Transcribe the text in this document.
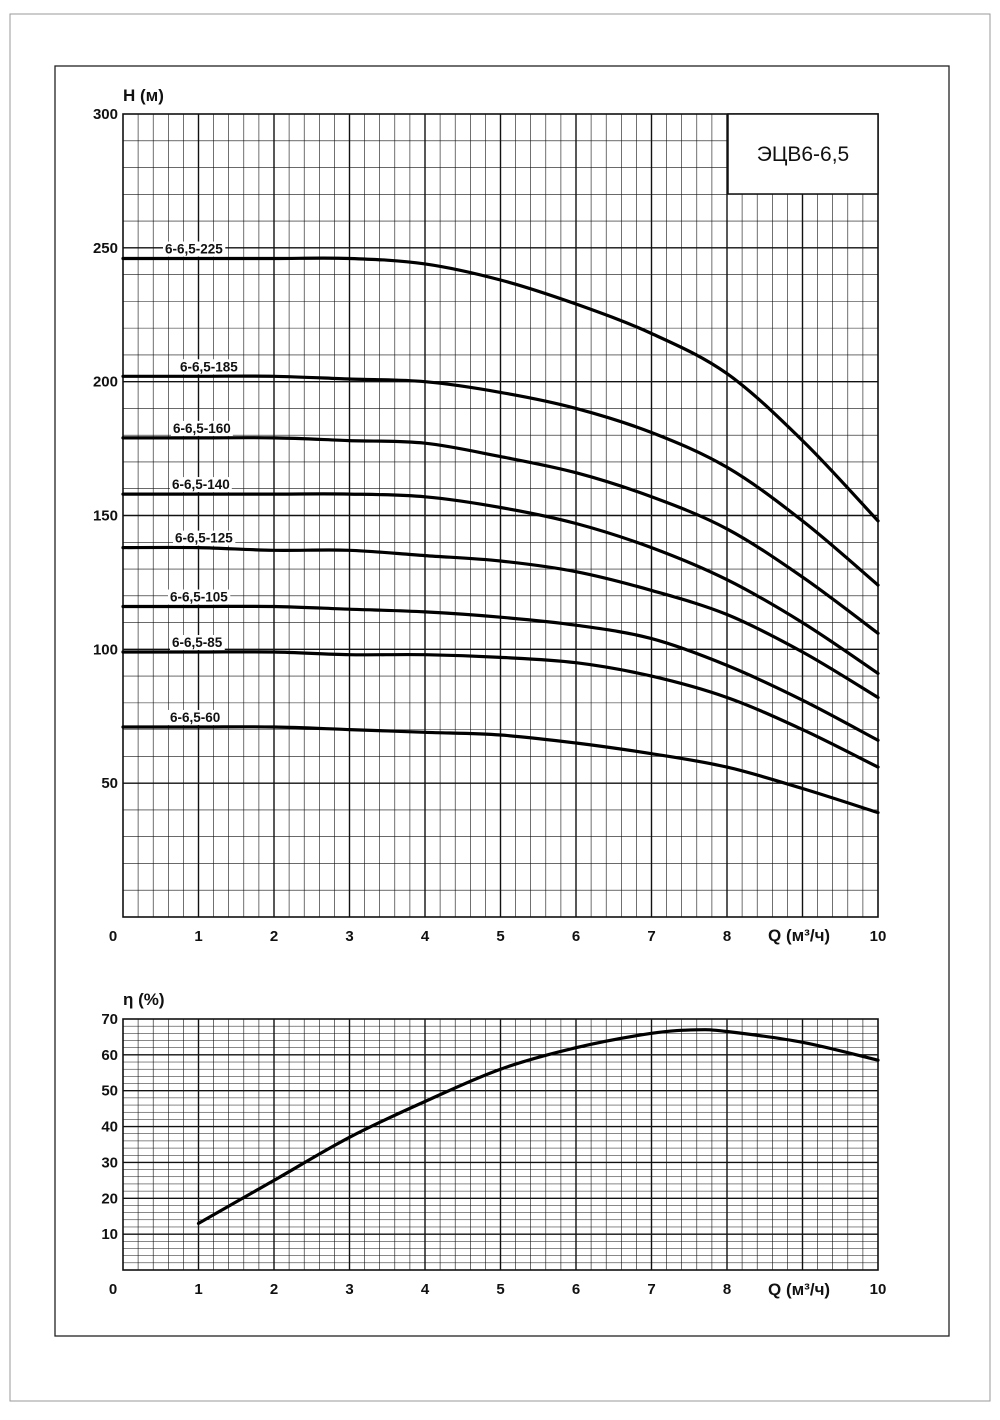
6-6,5-225
6-6,5-185
6-6,5-160
6-6,5-140
6-6,5-125
6-6,5-105
6-6,5-85
6-6,5-60
ЭЦВ6-6,5
H (м)
Q (м³/ч)
0	1	2	3	4	5	6	7	8	10
50
100
150
200
250
300
η (%)
Q (м³/ч)
0	1	2	3	4	5	6	7	8	10
10
20
30
40
50
60
70
